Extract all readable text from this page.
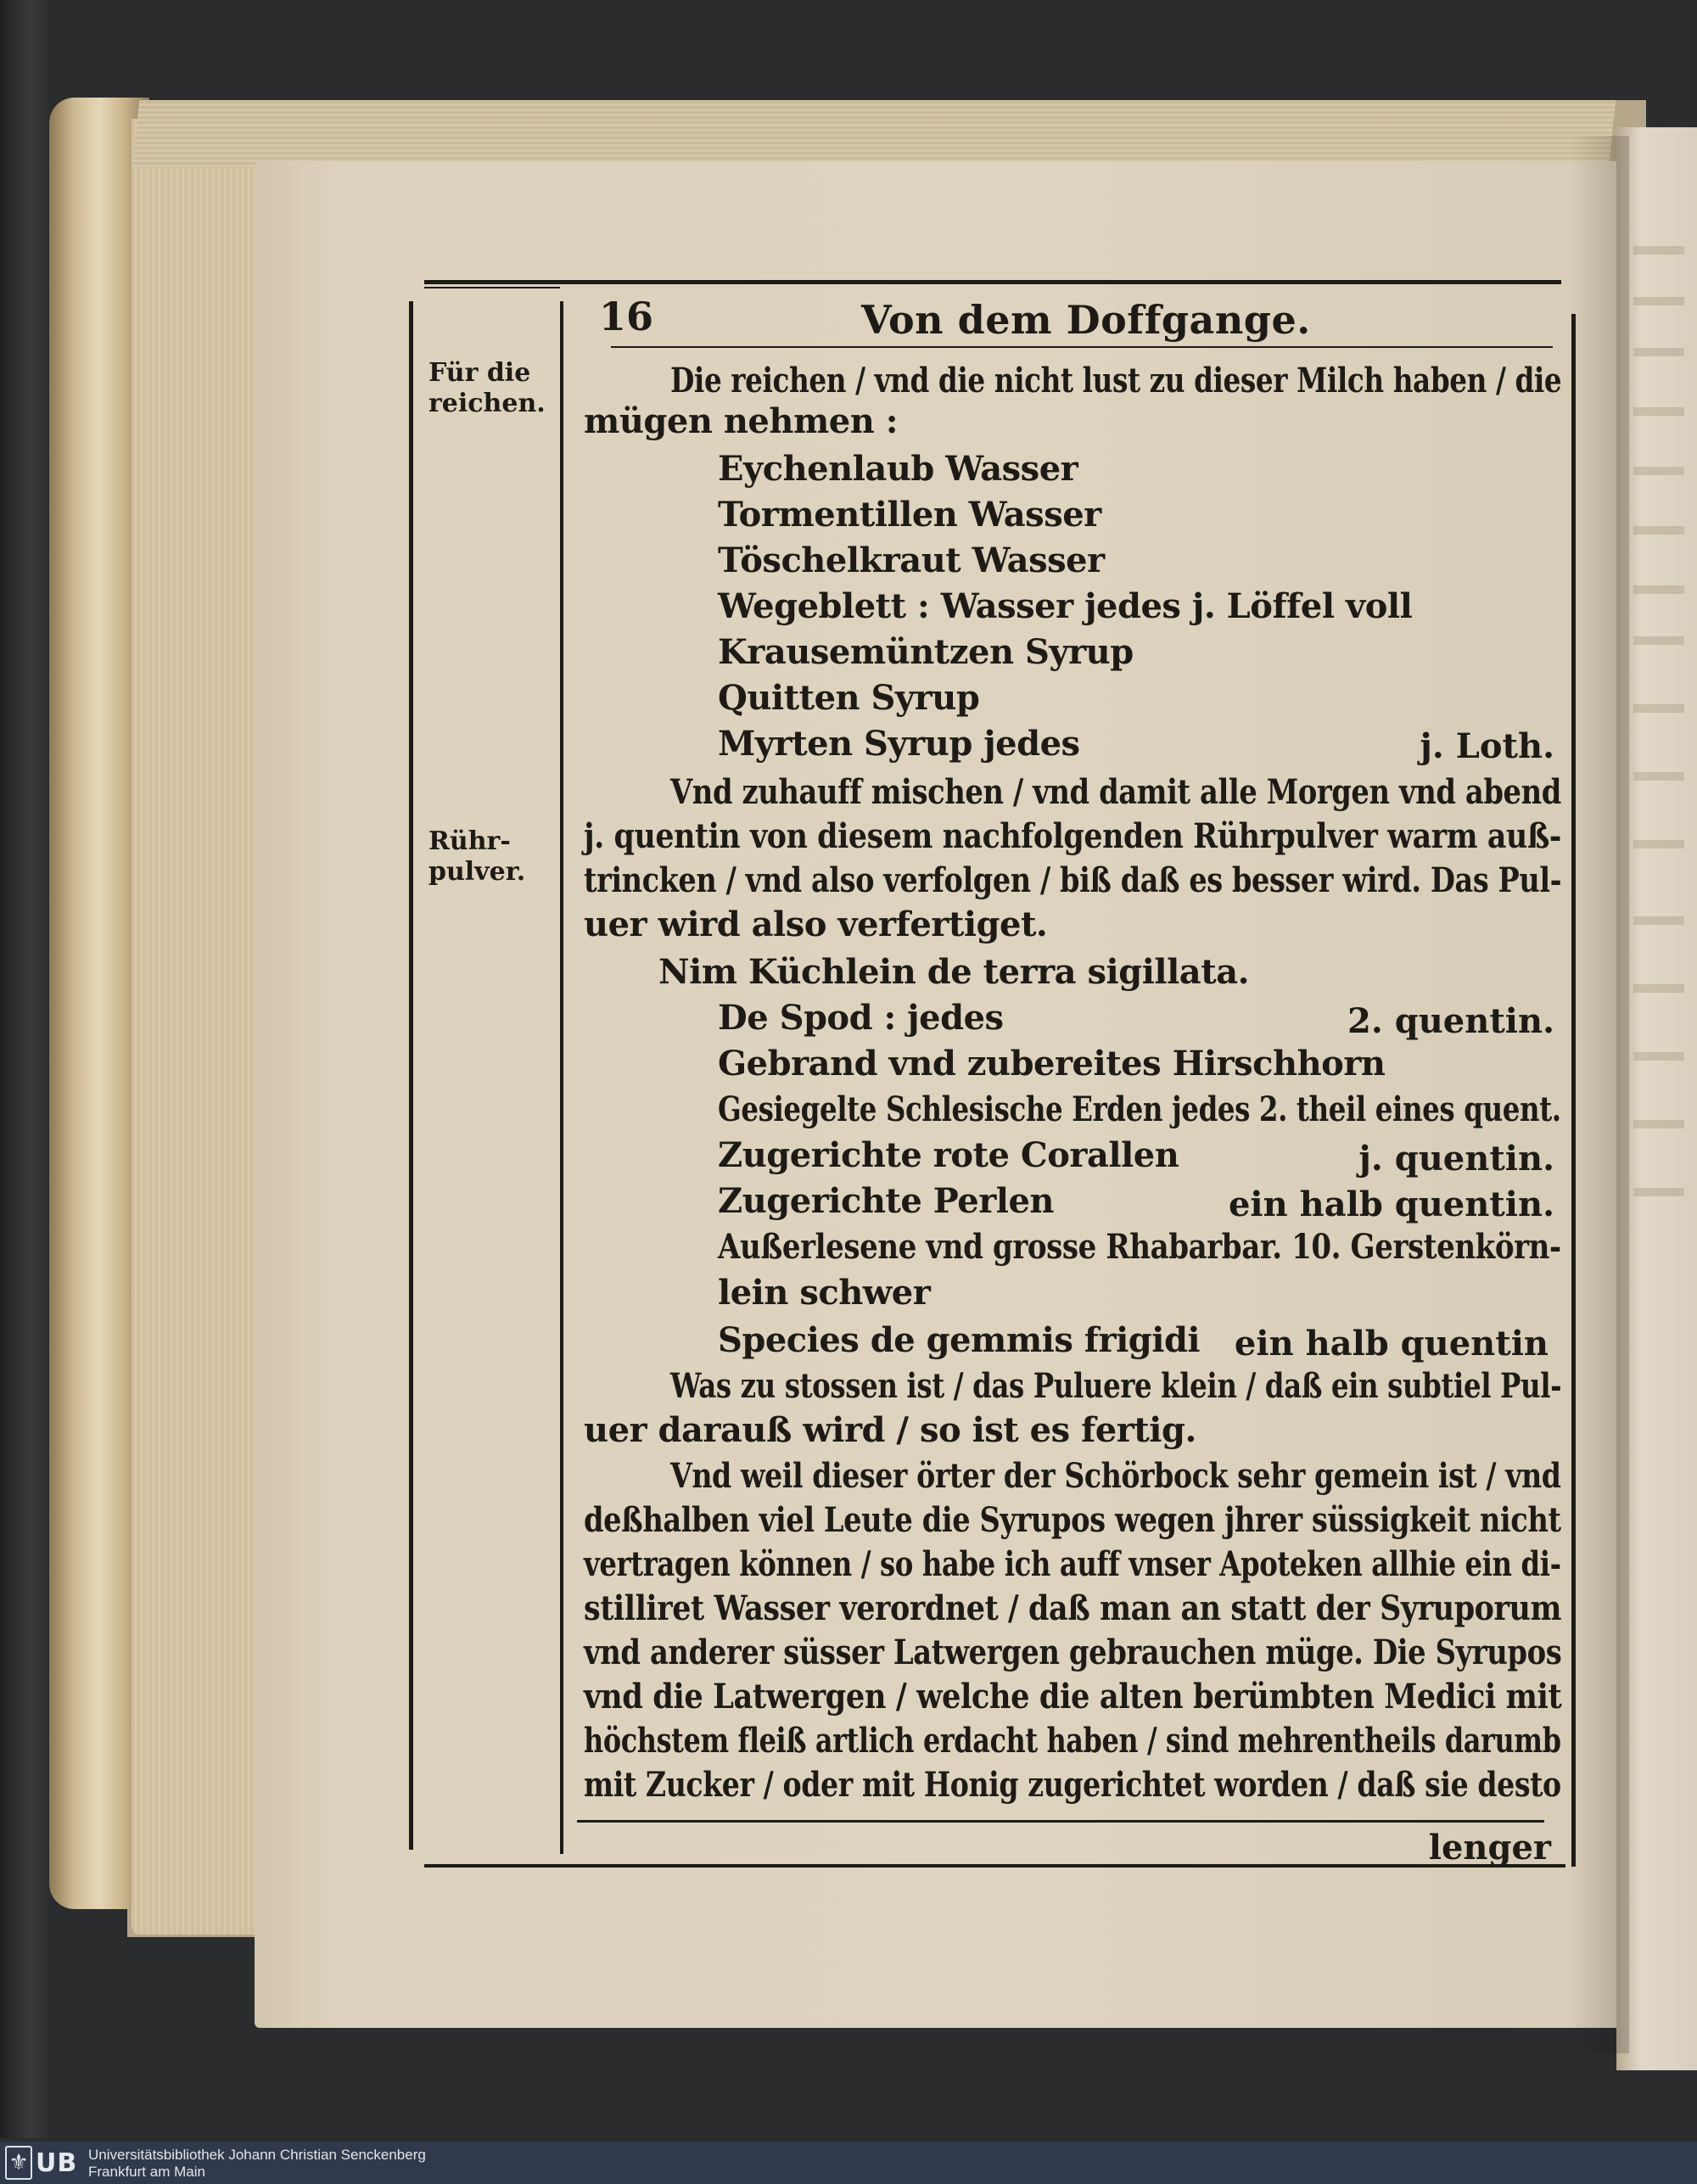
16	Von dem Doffgange.
Für die reichen.
Rühr-pulver.
Die reichen / vnd die nicht lust zu dieser Milch haben / die
mügen nehmen :
Eychenlaub Wasser
Tormentillen Wasser
Töschelkraut Wasser
Wegeblett : Wasser jedes j. Löffel voll
Krausemüntzen Syrup
Quitten Syrup
Myrten Syrup jedes	j. Loth.
Vnd zuhauff mischen / vnd damit alle Morgen vnd abend
j. quentin von diesem nachfolgenden Rührpulver warm auß-
trincken / vnd also verfolgen / biß daß es besser wird. Das Pul-
uer wird also verfertiget.
Nim Küchlein de terra sigillata.
De Spod : jedes	2. quentin.
Gebrand vnd zubereites Hirschhorn
Gesiegelte Schlesische Erden jedes 2. theil eines quent.
Zugerichte rote Corallen	j. quentin.
Zugerichte Perlen	ein halb quentin.
Außerlesene vnd grosse Rhabarbar. 10. Gerstenkörn-
lein schwer
Species de gemmis frigidi ein halb quentin
Was zu stossen ist / das Puluere klein / daß ein subtiel Pul-
uer darauß wird / so ist es fertig.
Vnd weil dieser örter der Schörbock sehr gemein ist / vnd
deßhalben viel Leute die Syrupos wegen jhrer süssigkeit nicht
vertragen können / so habe ich auff vnser Apoteken allhie ein di-
stilliret Wasser verordnet / daß man an statt der Syruporum
vnd anderer süsser Latwergen gebrauchen müge. Die Syrupos
vnd die Latwergen / welche die alten berümbten Medici mit
höchstem fleiß artlich erdacht haben / sind mehrentheils darumb
mit Zucker / oder mit Honig zugerichtet worden / daß sie desto
lenger
⚜ UB Universitätsbibliothek Johann Christian Senckenberg
Frankfurt am Main
